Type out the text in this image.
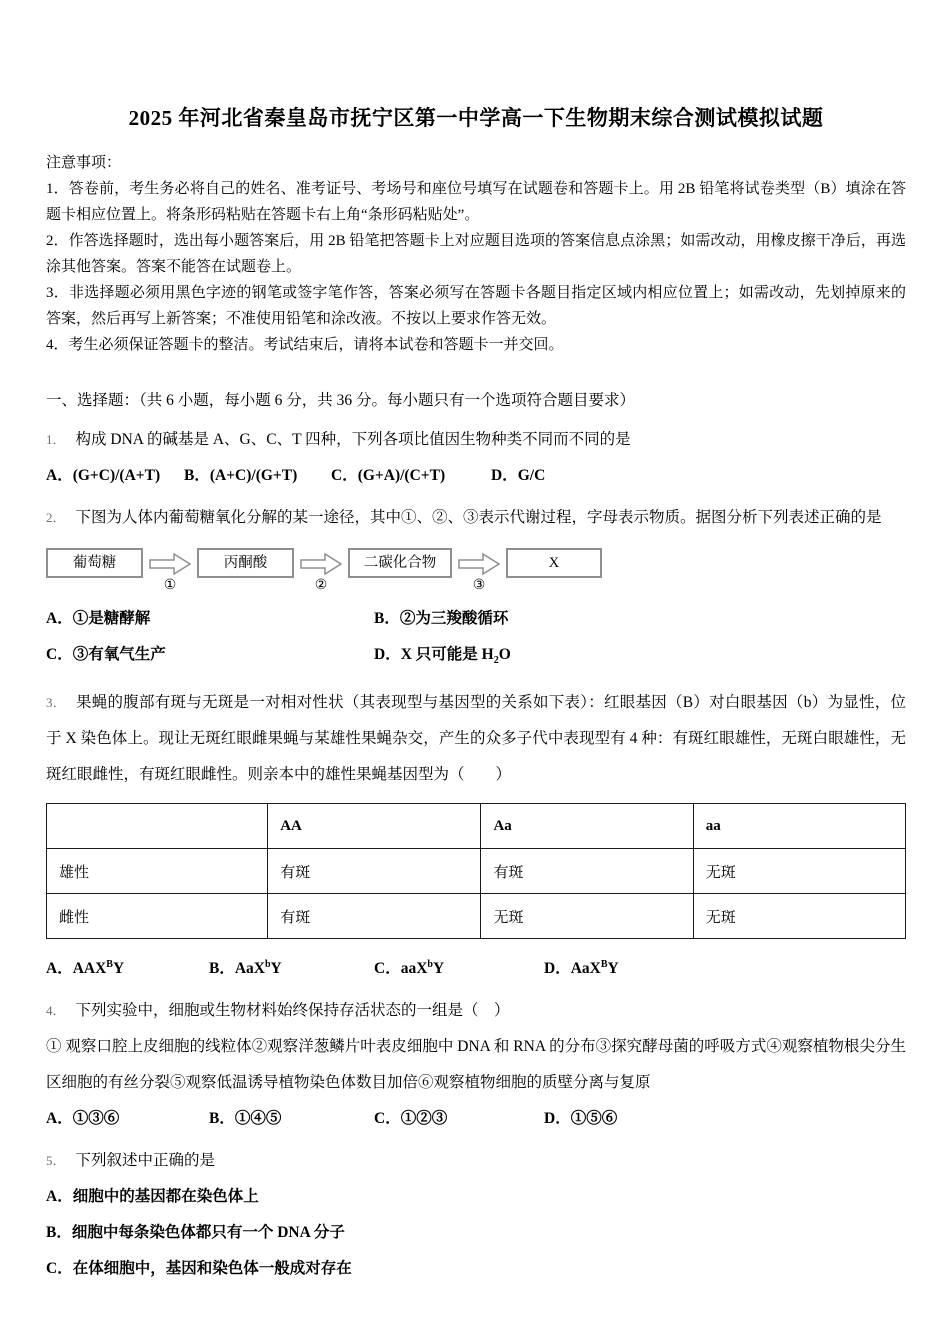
2025 年河北省秦皇岛市抚宁区第一中学高一下生物期末综合测试模拟试题
注意事项：

1．答卷前，考生务必将自己的姓名、准考证号、考场号和座位号填写在试题卷和答题卡上。用 2B 铅笔将试卷类型（B）填涂在答题卡相应位置上。将条形码粘贴在答题卡右上角“条形码粘贴处”。

2．作答选择题时，选出每小题答案后，用 2B 铅笔把答题卡上对应题目选项的答案信息点涂黑；如需改动，用橡皮擦干净后，再选涂其他答案。答案不能答在试题卷上。

3．非选择题必须用黑色字迹的钢笔或签字笔作答，答案必须写在答题卡各题目指定区域内相应位置上；如需改动，先划掉原来的答案，然后再写上新答案；不准使用铅笔和涂改液。不按以上要求作答无效。

4．考生必须保证答题卡的整洁。考试结束后，请将本试卷和答题卡一并交回。

一、选择题：（共 6 小题，每小题 6 分，共 36 分。每小题只有一个选项符合题目要求）
1． 构成 DNA 的碱基是 A、G、C、T 四种，下列各项比值因生物种类不同而不同的是
A．(G+C)/(A+T)	B．(A+C)/(G+T)	C．(G+A)/(C+T)	D．G/C
2． 下图为人体内葡萄糖氧化分解的某一途径，其中①、②、③表示代谢过程，字母表示物质。据图分析下列表述正确的是
葡萄糖
①
丙酮酸
②
二碳化合物
③
X
A．①是糖酵解	B．②为三羧酸循环
C．③有氧气生产	D．X 只可能是 $H_2O$
3． 果蝇的腹部有斑与无斑是一对相对性状（其表现型与基因型的关系如下表）：红眼基因（B）对白眼基因（b）为显性，位于 X 染色体上。现让无斑红眼雌果蝇与某雄性果蝇杂交，产生的众多子代中表现型有 4 种：有斑红眼雄性，无斑白眼雄性，无斑红眼雌性，有斑红眼雌性。则亲本中的雄性果蝇基因型为（　　）
	AA	Aa	aa
雄性	有斑	有斑	无斑
雌性	有斑	无斑	无斑
A．$AAX^BY$	B．AaX$^b$Y	C．aaX$^b$Y	D．AaX$^B$Y
4． 下列实验中，细胞或生物材料始终保持存活状态的一组是（　）
① 观察口腔上皮细胞的线粒体②观察洋葱鳞片叶表皮细胞中 DNA 和 RNA 的分布③探究酵母菌的呼吸方式④观察植物根尖分生区细胞的有丝分裂⑤观察低温诱导植物染色体数目加倍⑥观察植物细胞的质壁分离与复原
A．①③⑥	B．①④⑤	C．①②③	D．①⑤⑥
5． 下列叙述中正确的是
A．细胞中的基因都在染色体上
B．细胞中每条染色体都只有一个 DNA 分子
C．在体细胞中，基因和染色体一般成对存在
